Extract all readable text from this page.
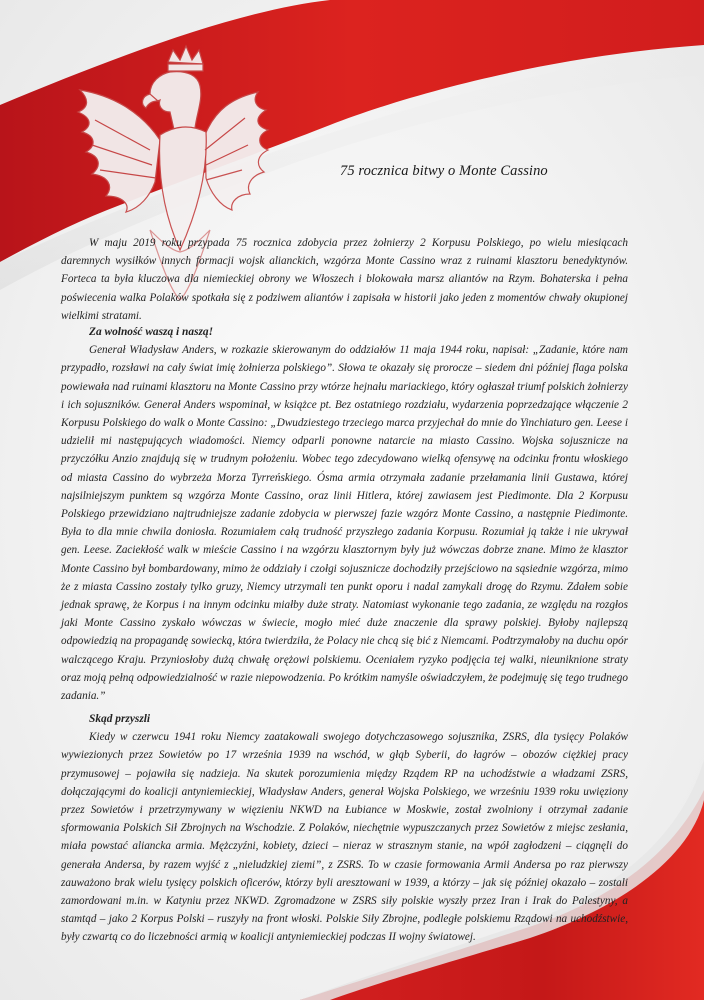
75 rocznica bitwy o Monte Cassino

W maju 2019 roku przypada 75 rocznica zdobycia przez żołnierzy 2 Korpusu Polskiego, po wielu miesiącach daremnych wysiłków innych formacji wojsk alianckich, wzgórza Monte Cassino wraz z ruinami klasztoru benedyktynów. Forteca ta była kluczowa dla niemieckiej obrony we Włoszech i blokowała marsz aliantów na Rzym. Bohaterska i pełna poświecenia walka Polaków spotkała się z podziwem aliantów i zapisała w historii jako jeden z momentów chwały okupionej wielkimi stratami.

Za wolność waszą i naszą!

Generał Władysław Anders, w rozkazie skierowanym do oddziałów 11 maja 1944 roku, napisał: „Zadanie, które nam przypadło, rozsławi na cały świat imię żołnierza polskiego”. Słowa te okazały się prorocze – siedem dni później flaga polska powiewała nad ruinami klasztoru na Monte Cassino przy wtórze hejnału mariackiego, który ogłaszał triumf polskich żołnierzy i ich sojuszników. Generał Anders wspominał, w książce pt. Bez ostatniego rozdziału, wydarzenia poprzedzające włączenie 2 Korpusu Polskiego do walk o Monte Cassino: „Dwudziestego trzeciego marca przyjechał do mnie do Yinchiaturo gen. Leese i udzielił mi następujących wiadomości. Niemcy odparli ponowne natarcie na miasto Cassino. Wojska sojusznicze na przyczółku Anzio znajdują się w trudnym położeniu. Wobec tego zdecydowano wielką ofensywę na odcinku frontu włoskiego od miasta Cassino do wybrzeża Morza Tyrreńskiego. Ósma armia otrzymała zadanie przełamania linii Gustawa, której najsilniejszym punktem są wzgórza Monte Cassino, oraz linii Hitlera, której zawiasem jest Piedimonte. Dla 2 Korpusu Polskiego przewidziano najtrudniejsze zadanie zdobycia w pierwszej fazie wzgórz Monte Cassino, a następnie Piedimonte. Była to dla mnie chwila doniosła. Rozumiałem całą trudność przyszłego zadania Korpusu. Rozumiał ją także i nie ukrywał gen. Leese. Zaciekłość walk w mieście Cassino i na wzgórzu klasztornym były już wówczas dobrze znane. Mimo że klasztor Monte Cassino był bombardowany, mimo że oddziały i czołgi sojusznicze dochodziły przejściowo na sąsiednie wzgórza, mimo że z miasta Cassino zostały tylko gruzy, Niemcy utrzymali ten punkt oporu i nadal zamykali drogę do Rzymu. Zdałem sobie jednak sprawę, że Korpus i na innym odcinku miałby duże straty. Natomiast wykonanie tego zadania, ze względu na rozgłos jaki Monte Cassino zyskało wówczas w świecie, mogło mieć duże znaczenie dla sprawy polskiej. Byłoby najlepszą odpowiedzią na propagandę sowiecką, która twierdziła, że Polacy nie chcą się bić z Niemcami. Podtrzymałoby na duchu opór walczącego Kraju. Przyniosłoby dużą chwałę orężowi polskiemu. Oceniałem ryzyko podjęcia tej walki, nieuniknione straty oraz moją pełną odpowiedzialność w razie niepowodzenia. Po krótkim namyśle oświadczyłem, że podejmuję się tego trudnego zadania.”

Skąd przyszli

Kiedy w czerwcu 1941 roku Niemcy zaatakowali swojego dotychczasowego sojusznika, ZSRS, dla tysięcy Polaków wywiezionych przez Sowietów po 17 września 1939 na wschód, w głąb Syberii, do łagrów – obozów ciężkiej pracy przymusowej – pojawiła się nadzieja. Na skutek porozumienia między Rządem RP na uchodźstwie a władzami ZSRS, dołączającymi do koalicji antyniemieckiej, Władysław Anders, generał Wojska Polskiego, we wrześniu 1939 roku uwięziony przez Sowietów i przetrzymywany w więzieniu NKWD na Łubiance w Moskwie, został zwolniony i otrzymał zadanie sformowania Polskich Sił Zbrojnych na Wschodzie. Z Polaków, niechętnie wypuszczanych przez Sowietów z miejsc zesłania, miała powstać aliancka armia. Mężczyźni, kobiety, dzieci – nieraz w strasznym stanie, na wpół zagłodzeni – ciągnęli do generała Andersa, by razem wyjść z „nieludzkiej ziemi”, z ZSRS. To w czasie formowania Armii Andersa po raz pierwszy zauważono brak wielu tysięcy polskich oficerów, którzy byli aresztowani w 1939, a którzy – jak się później okazało – zostali zamordowani m.in. w Katyniu przez NKWD. Zgromadzone w ZSRS siły polskie wyszły przez Iran i Irak do Palestyny, a stamtąd – jako 2 Korpus Polski – ruszyły na front włoski. Polskie Siły Zbrojne, podległe polskiemu Rządowi na uchodźstwie, były czwartą co do liczebności armią w koalicji antyniemieckiej podczas II wojny światowej.
